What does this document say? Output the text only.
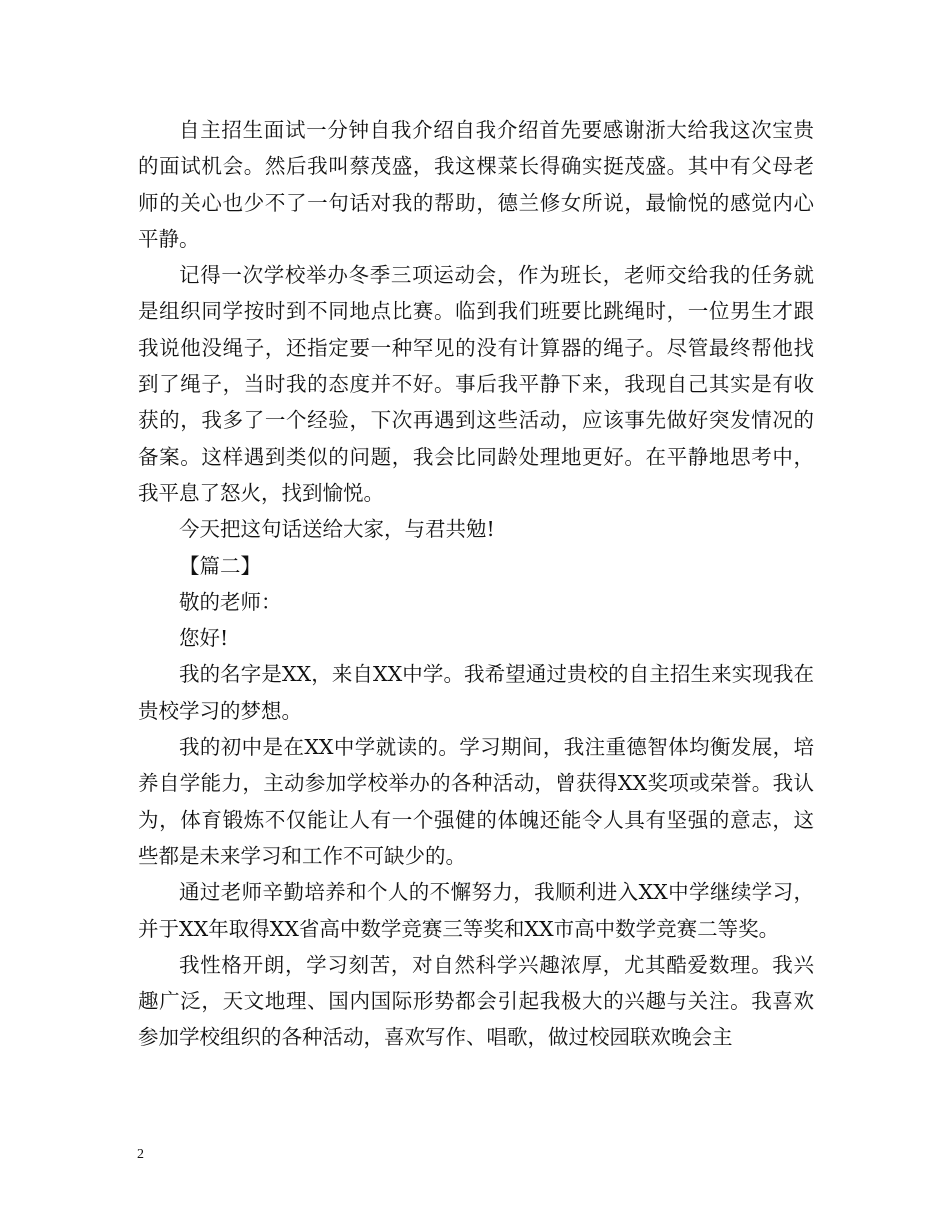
自主招生面试一分钟自我介绍自我介绍首先要感谢浙大给我这次宝贵的面试机会。然后我叫蔡茂盛，我这棵菜长得确实挺茂盛。其中有父母老师的关心也少不了一句话对我的帮助，德兰修女所说，最愉悦的感觉内心平静。

记得一次学校举办冬季三项运动会，作为班长，老师交给我的任务就是组织同学按时到不同地点比赛。临到我们班要比跳绳时，一位男生才跟我说他没绳子，还指定要一种罕见的没有计算器的绳子。尽管最终帮他找到了绳子，当时我的态度并不好。事后我平静下来，我现自己其实是有收获的，我多了一个经验，下次再遇到这些活动，应该事先做好突发情况的备案。这样遇到类似的问题，我会比同龄处理地更好。在平静地思考中，我平息了怒火，找到愉悦。

今天把这句话送给大家，与君共勉!

【篇二】

敬的老师：

您好!

我的名字是XX，来自XX中学。我希望通过贵校的自主招生来实现我在贵校学习的梦想。

我的初中是在XX中学就读的。学习期间，我注重德智体均衡发展，培养自学能力，主动参加学校举办的各种活动，曾获得XX奖项或荣誉。我认为，体育锻炼不仅能让人有一个强健的体魄还能令人具有坚强的意志，这些都是未来学习和工作不可缺少的。

通过老师辛勤培养和个人的不懈努力，我顺利进入XX中学继续学习，并于XX年取得XX省高中数学竞赛三等奖和XX市高中数学竞赛二等奖。

我性格开朗，学习刻苦，对自然科学兴趣浓厚，尤其酷爱数理。我兴趣广泛，天文地理、国内国际形势都会引起我极大的兴趣与关注。我喜欢参加学校组织的各种活动，喜欢写作、唱歌，做过校园联欢晚会主

2
